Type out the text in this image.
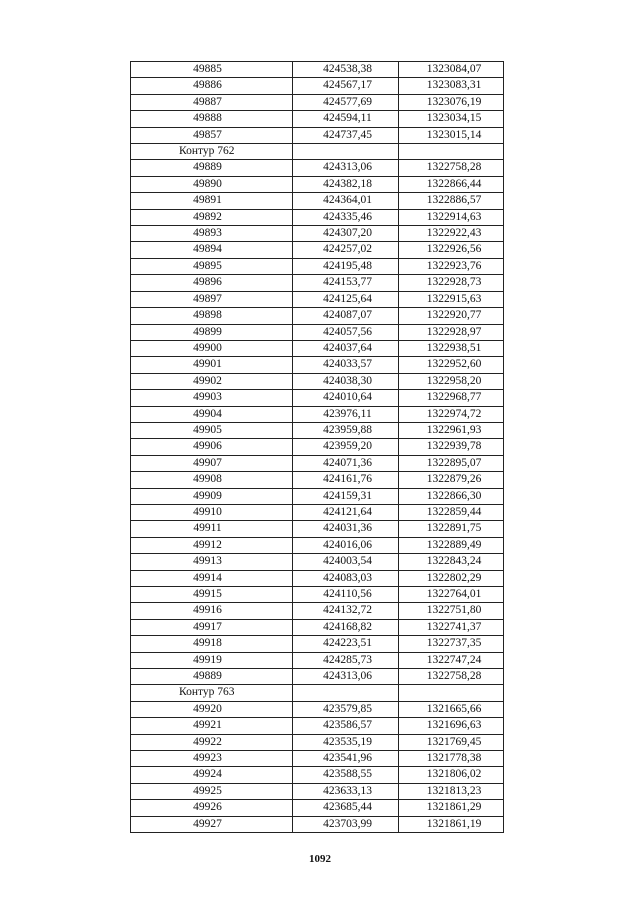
49885	424538,38	1323084,07
49886	424567,17	1323083,31
49887	424577,69	1323076,19
49888	424594,11	1323034,15
49857	424737,45	1323015,14
Контур 762		
49889	424313,06	1322758,28
49890	424382,18	1322866,44
49891	424364,01	1322886,57
49892	424335,46	1322914,63
49893	424307,20	1322922,43
49894	424257,02	1322926,56
49895	424195,48	1322923,76
49896	424153,77	1322928,73
49897	424125,64	1322915,63
49898	424087,07	1322920,77
49899	424057,56	1322928,97
49900	424037,64	1322938,51
49901	424033,57	1322952,60
49902	424038,30	1322958,20
49903	424010,64	1322968,77
49904	423976,11	1322974,72
49905	423959,88	1322961,93
49906	423959,20	1322939,78
49907	424071,36	1322895,07
49908	424161,76	1322879,26
49909	424159,31	1322866,30
49910	424121,64	1322859,44
49911	424031,36	1322891,75
49912	424016,06	1322889,49
49913	424003,54	1322843,24
49914	424083,03	1322802,29
49915	424110,56	1322764,01
49916	424132,72	1322751,80
49917	424168,82	1322741,37
49918	424223,51	1322737,35
49919	424285,73	1322747,24
49889	424313,06	1322758,28
Контур 763		
49920	423579,85	1321665,66
49921	423586,57	1321696,63
49922	423535,19	1321769,45
49923	423541,96	1321778,38
49924	423588,55	1321806,02
49925	423633,13	1321813,23
49926	423685,44	1321861,29
49927	423703,99	1321861,19
1092
